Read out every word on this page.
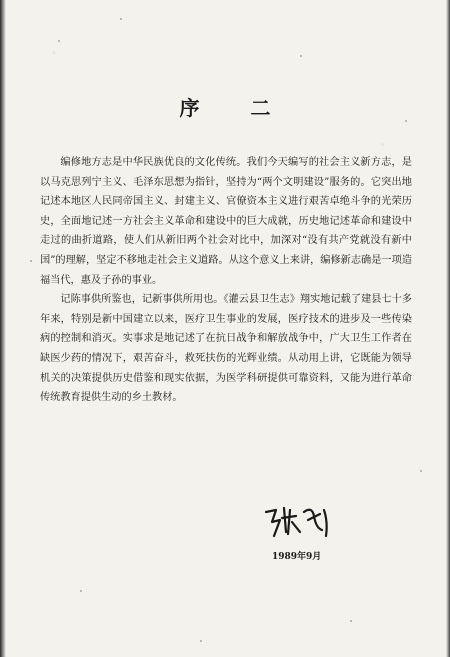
序 二

编修地方志是中华民族优良的文化传统。我们今天编写的社会主义新方志，是以马克思列宁主义、毛泽东思想为指针，坚持为“两个文明建设”服务的。它突出地记述本地区人民同帝国主义、封建主义、官僚资本主义进行艰苦卓绝斗争的光荣历史，全面地记述一方社会主义革命和建设中的巨大成就，历史地记述革命和建设中走过的曲折道路，使人们从新旧两个社会对比中，加深对“没有共产党就没有新中国”的理解，坚定不移地走社会主义道路。从这个意义上来讲，编修新志确是一项造福当代，惠及子孙的事业。

记陈事供所鉴也，记新事供所用也。《灌云县卫生志》翔实地记载了建县七十多年来，特别是新中国建立以来，医疗卫生事业的发展，医疗技术的进步及一些传染病的控制和消灭。实事求是地记述了在抗日战争和解放战争中，广大卫生工作者在缺医少药的情况下，艰苦奋斗，救死扶伤的光辉业绩。从动用上讲，它既能为领导机关的决策提供历史借鉴和现实依据，为医学科研提供可靠资料，又能为进行革命传统教育提供生动的乡土教材。

1989年9月
